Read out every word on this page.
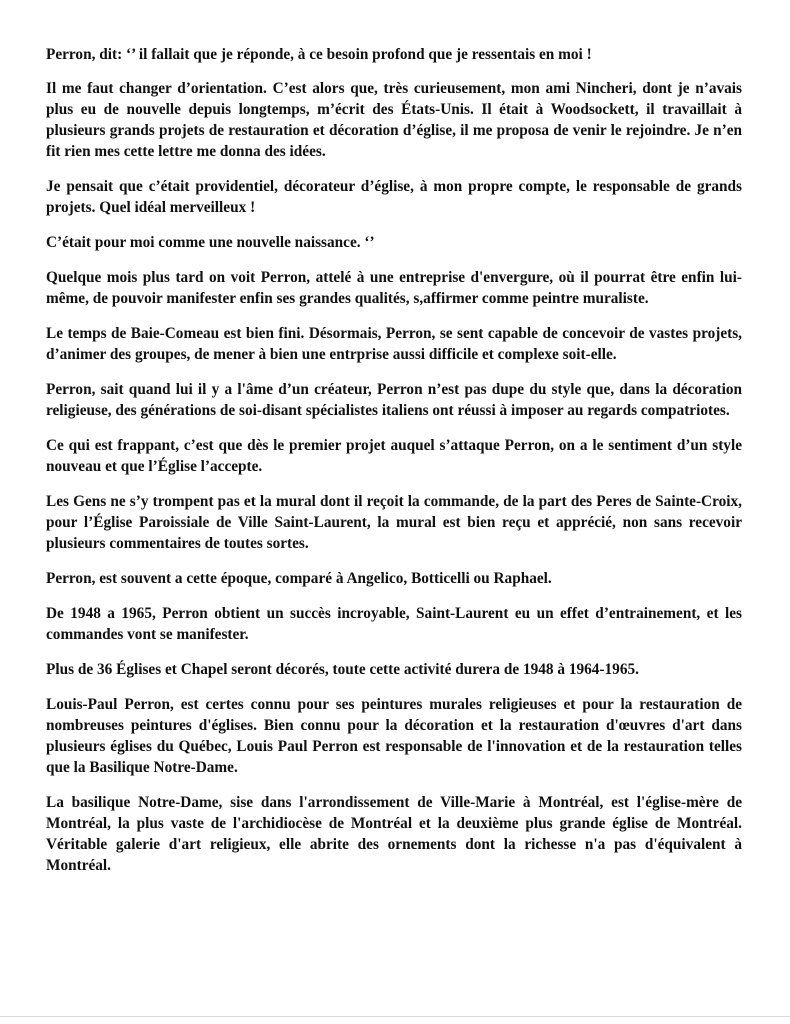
Perron, dit: ‘’ il fallait que je réponde, à ce besoin profond que je ressentais en moi !

Il me faut changer d’orientation. C’est alors que, très curieusement, mon ami Nincheri, dont je n’avais plus eu de nouvelle depuis longtemps, m’écrit des États-Unis. Il était à Woodsockett, il travaillait à plusieurs grands projets de restauration et décoration d’église, il me proposa de venir le rejoindre. Je n’en fit rien mes cette lettre me donna des idées.

Je pensait que c’était providentiel, décorateur d’église, à mon propre compte, le responsable de grands projets. Quel idéal merveilleux !

C’était pour moi comme une nouvelle naissance. ‘’

Quelque mois plus tard on voit Perron, attelé à une entreprise d'envergure, où il pourrat être enfin lui-même, de pouvoir manifester enfin ses grandes qualités, s,affirmer comme peintre muraliste.

Le temps de Baie-Comeau est bien fini. Désormais, Perron, se sent capable de concevoir de vastes projets, d’animer des groupes, de mener à bien une entrprise aussi difficile et complexe soit-elle.

Perron, sait quand lui il y a l'âme d’un créateur, Perron n’est pas dupe du style que, dans la décoration religieuse, des générations de soi-disant spécialistes italiens ont réussi à imposer au regards compatriotes.

Ce qui est frappant, c’est que dès le premier projet auquel s’attaque Perron, on a le sentiment d’un style nouveau et que l’Église l’accepte.

Les Gens ne s’y trompent pas et la mural dont il reçoit la commande, de la part des Peres de Sainte-Croix, pour l’Église Paroissiale de Ville Saint-Laurent, la mural est bien reçu et apprécié, non sans recevoir plusieurs commentaires de toutes sortes.

Perron, est souvent a cette époque, comparé à Angelico, Botticelli ou Raphael.

De 1948 a 1965, Perron obtient un succès incroyable, Saint-Laurent eu un effet d’entrainement, et les commandes vont se manifester.

Plus de 36 Églises et Chapel seront décorés, toute cette activité durera de 1948 à 1964-1965.

Louis-Paul Perron, est certes connu pour ses peintures murales religieuses et pour la restauration de nombreuses peintures d'églises. Bien connu pour la décoration et la restauration d'œuvres d'art dans plusieurs églises du Québec, Louis Paul Perron est responsable de l'innovation et de la restauration telles que la Basilique Notre-Dame.

La basilique Notre-Dame, sise dans l'arrondissement de Ville-Marie à Montréal, est l'église-mère de Montréal, la plus vaste de l'archidiocèse de Montréal et la deuxième plus grande église de Montréal. Véritable galerie d'art religieux, elle abrite des ornements dont la richesse n'a pas d'équivalent à Montréal.
